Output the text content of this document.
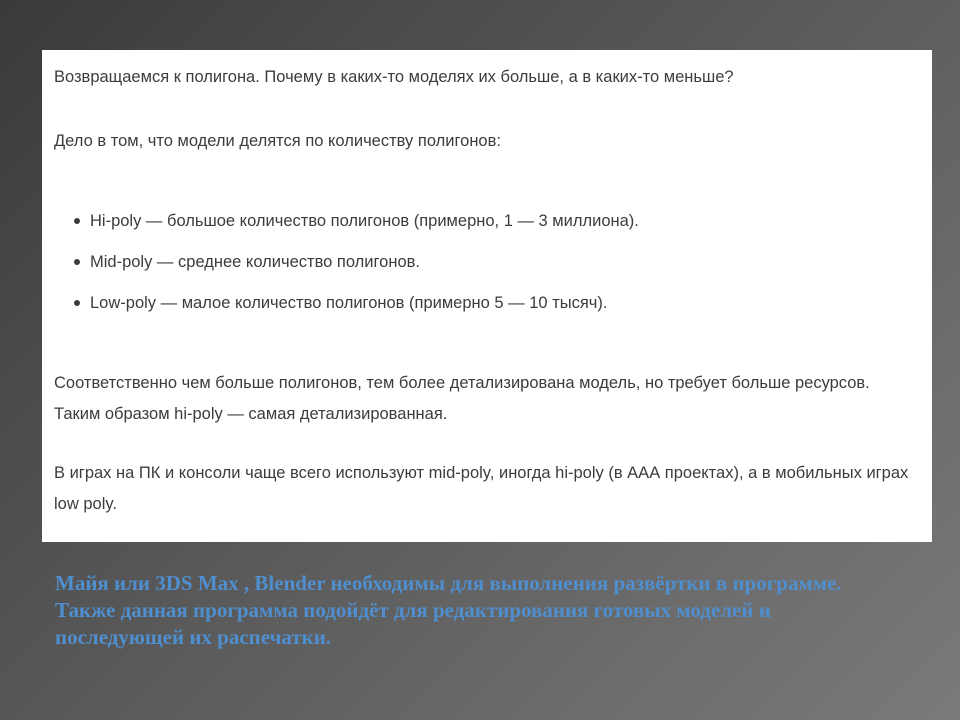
Возвращаемся к полигона. Почему в каких-то моделях их больше, а в каких-то меньше?

Дело в том, что модели делятся по количеству полигонов:

Hi-poly — большое количество полигонов (примерно, 1 — 3 миллиона).
Mid-poly — среднее количество полигонов.
Low-poly — малое количество полигонов (примерно 5 — 10 тысяч).

Соответственно чем больше полигонов, тем более детализирована модель, но требует больше ресурсов. Таким образом hi-poly — самая детализированная.

В играх на ПК и консоли чаще всего используют mid-poly, иногда hi-poly (в ААА проектах), а в мобильных играх low poly.

Майя или 3DS Max , Blender необходимы для выполнения развёртки в программе. Также данная программа подойдёт для редактирования готовых моделей и последующей их распечатки.
